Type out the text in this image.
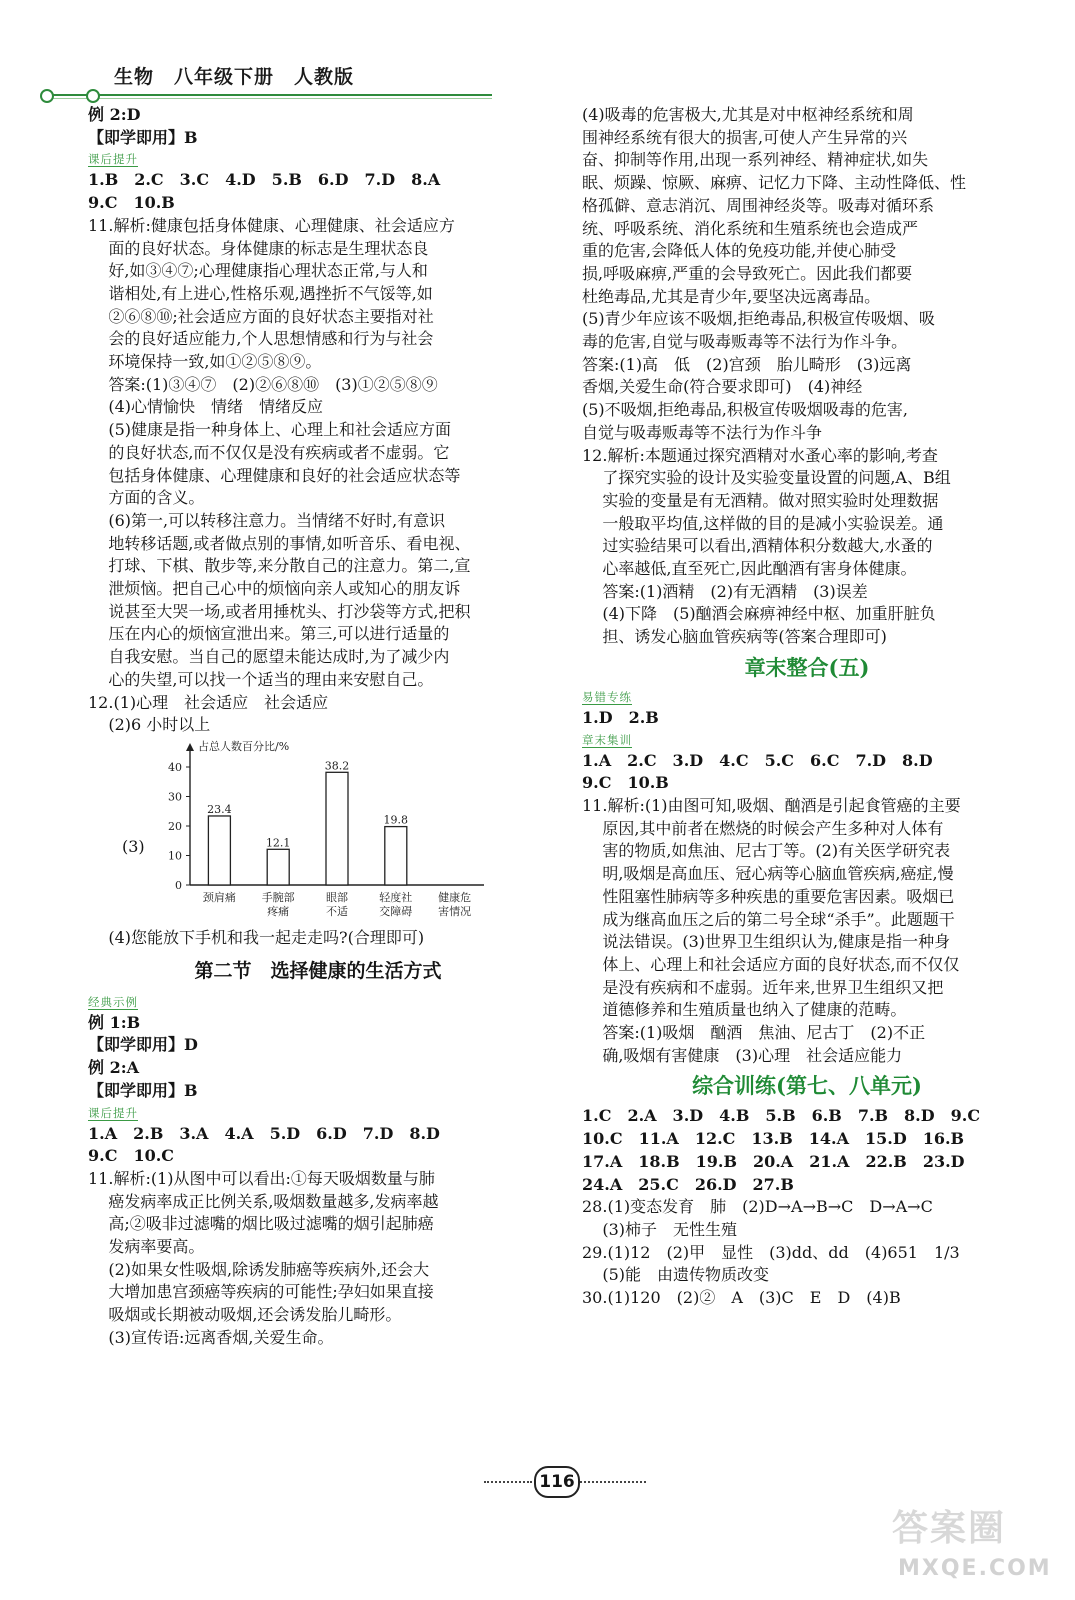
生物　八年级下册　人教版
例 2:D
【即学即用】B
课后提升
1.B　2.C　3.C　4.D　5.B　6.D　7.D　8.A
9.C　10.B
11.解析:健康包括身体健康、心理健康、社会适应方
面的良好状态。身体健康的标志是生理状态良
好,如③④⑦;心理健康指心理状态正常,与人和
谐相处,有上进心,性格乐观,遇挫折不气馁等,如
②⑥⑧⑩;社会适应方面的良好状态主要指对社
会的良好适应能力,个人思想情感和行为与社会
环境保持一致,如①②⑤⑧⑨。
答案:(1)③④⑦　(2)②⑥⑧⑩　(3)①②⑤⑧⑨
(4)心情愉快　情绪　情绪反应
(5)健康是指一种身体上、心理上和社会适应方面
的良好状态,而不仅仅是没有疾病或者不虚弱。它
包括身体健康、心理健康和良好的社会适应状态等
方面的含义。
(6)第一,可以转移注意力。当情绪不好时,有意识
地转移话题,或者做点别的事情,如听音乐、看电视、
打球、下棋、散步等,来分散自己的注意力。第二,宣
泄烦恼。把自己心中的烦恼向亲人或知心的朋友诉
说甚至大哭一场,或者用捶枕头、打沙袋等方式,把积
压在内心的烦恼宣泄出来。第三,可以进行适量的
自我安慰。当自己的愿望未能达成时,为了减少内
心的失望,可以找一个适当的理由来安慰自己。
12.(1)心理　社会适应　社会适应
(2)6 小时以上
(3)
占总人数百分比/%
0
10
20
30
40
23.4
颈肩痛
12.1
手腕部
疼痛
38.2
眼部
不适
19.8
轻度社
交障碍
健康危
害情况
(4)您能放下手机和我一起走走吗?(合理即可)
第二节　选择健康的生活方式
经典示例
例 1:B
【即学即用】D
例 2:A
【即学即用】B
课后提升
1.A　2.B　3.A　4.A　5.D　6.D　7.D　8.D
9.C　10.C
11.解析:(1)从图中可以看出:①每天吸烟数量与肺
癌发病率成正比例关系,吸烟数量越多,发病率越
高;②吸非过滤嘴的烟比吸过滤嘴的烟引起肺癌
发病率要高。
(2)如果女性吸烟,除诱发肺癌等疾病外,还会大
大增加患宫颈癌等疾病的可能性;孕妇如果直接
吸烟或长期被动吸烟,还会诱发胎儿畸形。
(3)宣传语:远离香烟,关爱生命。
(4)吸毒的危害极大,尤其是对中枢神经系统和周
围神经系统有很大的损害,可使人产生异常的兴
奋、抑制等作用,出现一系列神经、精神症状,如失
眠、烦躁、惊厥、麻痹、记忆力下降、主动性降低、性
格孤僻、意志消沉、周围神经炎等。吸毒对循环系
统、呼吸系统、消化系统和生殖系统也会造成严
重的危害,会降低人体的免疫功能,并使心肺受
损,呼吸麻痹,严重的会导致死亡。因此我们都要
杜绝毒品,尤其是青少年,要坚决远离毒品。
(5)青少年应该不吸烟,拒绝毒品,积极宣传吸烟、吸
毒的危害,自觉与吸毒贩毒等不法行为作斗争。
答案:(1)高　低　(2)宫颈　胎儿畸形　(3)远离
香烟,关爱生命(符合要求即可)　(4)神经
(5)不吸烟,拒绝毒品,积极宣传吸烟吸毒的危害,
自觉与吸毒贩毒等不法行为作斗争
12.解析:本题通过探究酒精对水蚤心率的影响,考查
了探究实验的设计及实验变量设置的问题,A、B组
实验的变量是有无酒精。做对照实验时处理数据
一般取平均值,这样做的目的是减小实验误差。通
过实验结果可以看出,酒精体积分数越大,水蚤的
心率越低,直至死亡,因此酗酒有害身体健康。
答案:(1)酒精　(2)有无酒精　(3)误差
(4)下降　(5)酗酒会麻痹神经中枢、加重肝脏负
担、诱发心脑血管疾病等(答案合理即可)
章末整合(五)
易错专练
1.D　2.B
章末集训
1.A　2.C　3.D　4.C　5.C　6.C　7.D　8.D
9.C　10.B
11.解析:(1)由图可知,吸烟、酗酒是引起食管癌的主要
原因,其中前者在燃烧的时候会产生多种对人体有
害的物质,如焦油、尼古丁等。(2)有关医学研究表
明,吸烟是高血压、冠心病等心脑血管疾病,癌症,慢
性阻塞性肺病等多种疾患的重要危害因素。吸烟已
成为继高血压之后的第二号全球“杀手”。此题题干
说法错误。(3)世界卫生组织认为,健康是指一种身
体上、心理上和社会适应方面的良好状态,而不仅仅
是没有疾病和不虚弱。近年来,世界卫生组织又把
道德修养和生殖质量也纳入了健康的范畴。
答案:(1)吸烟　酗酒　焦油、尼古丁　(2)不正
确,吸烟有害健康　(3)心理　社会适应能力
综合训练(第七、八单元)
1.C　2.A　3.D　4.B　5.B　6.B　7.B　8.D　9.C
10.C　11.A　12.C　13.B　14.A　15.D　16.B
17.A　18.B　19.B　20.A　21.A　22.B　23.D
24.A　25.C　26.D　27.B
28.(1)变态发育　肺　(2)D→A→B→C　D→A→C
(3)柿子　无性生殖
29.(1)12　(2)甲　显性　(3)dd、dd　(4)651　1/3
(5)能　由遗传物质改变
30.(1)120　(2)②　A　(3)C　E　D　(4)B
116
答案圈
MXQE.COM
